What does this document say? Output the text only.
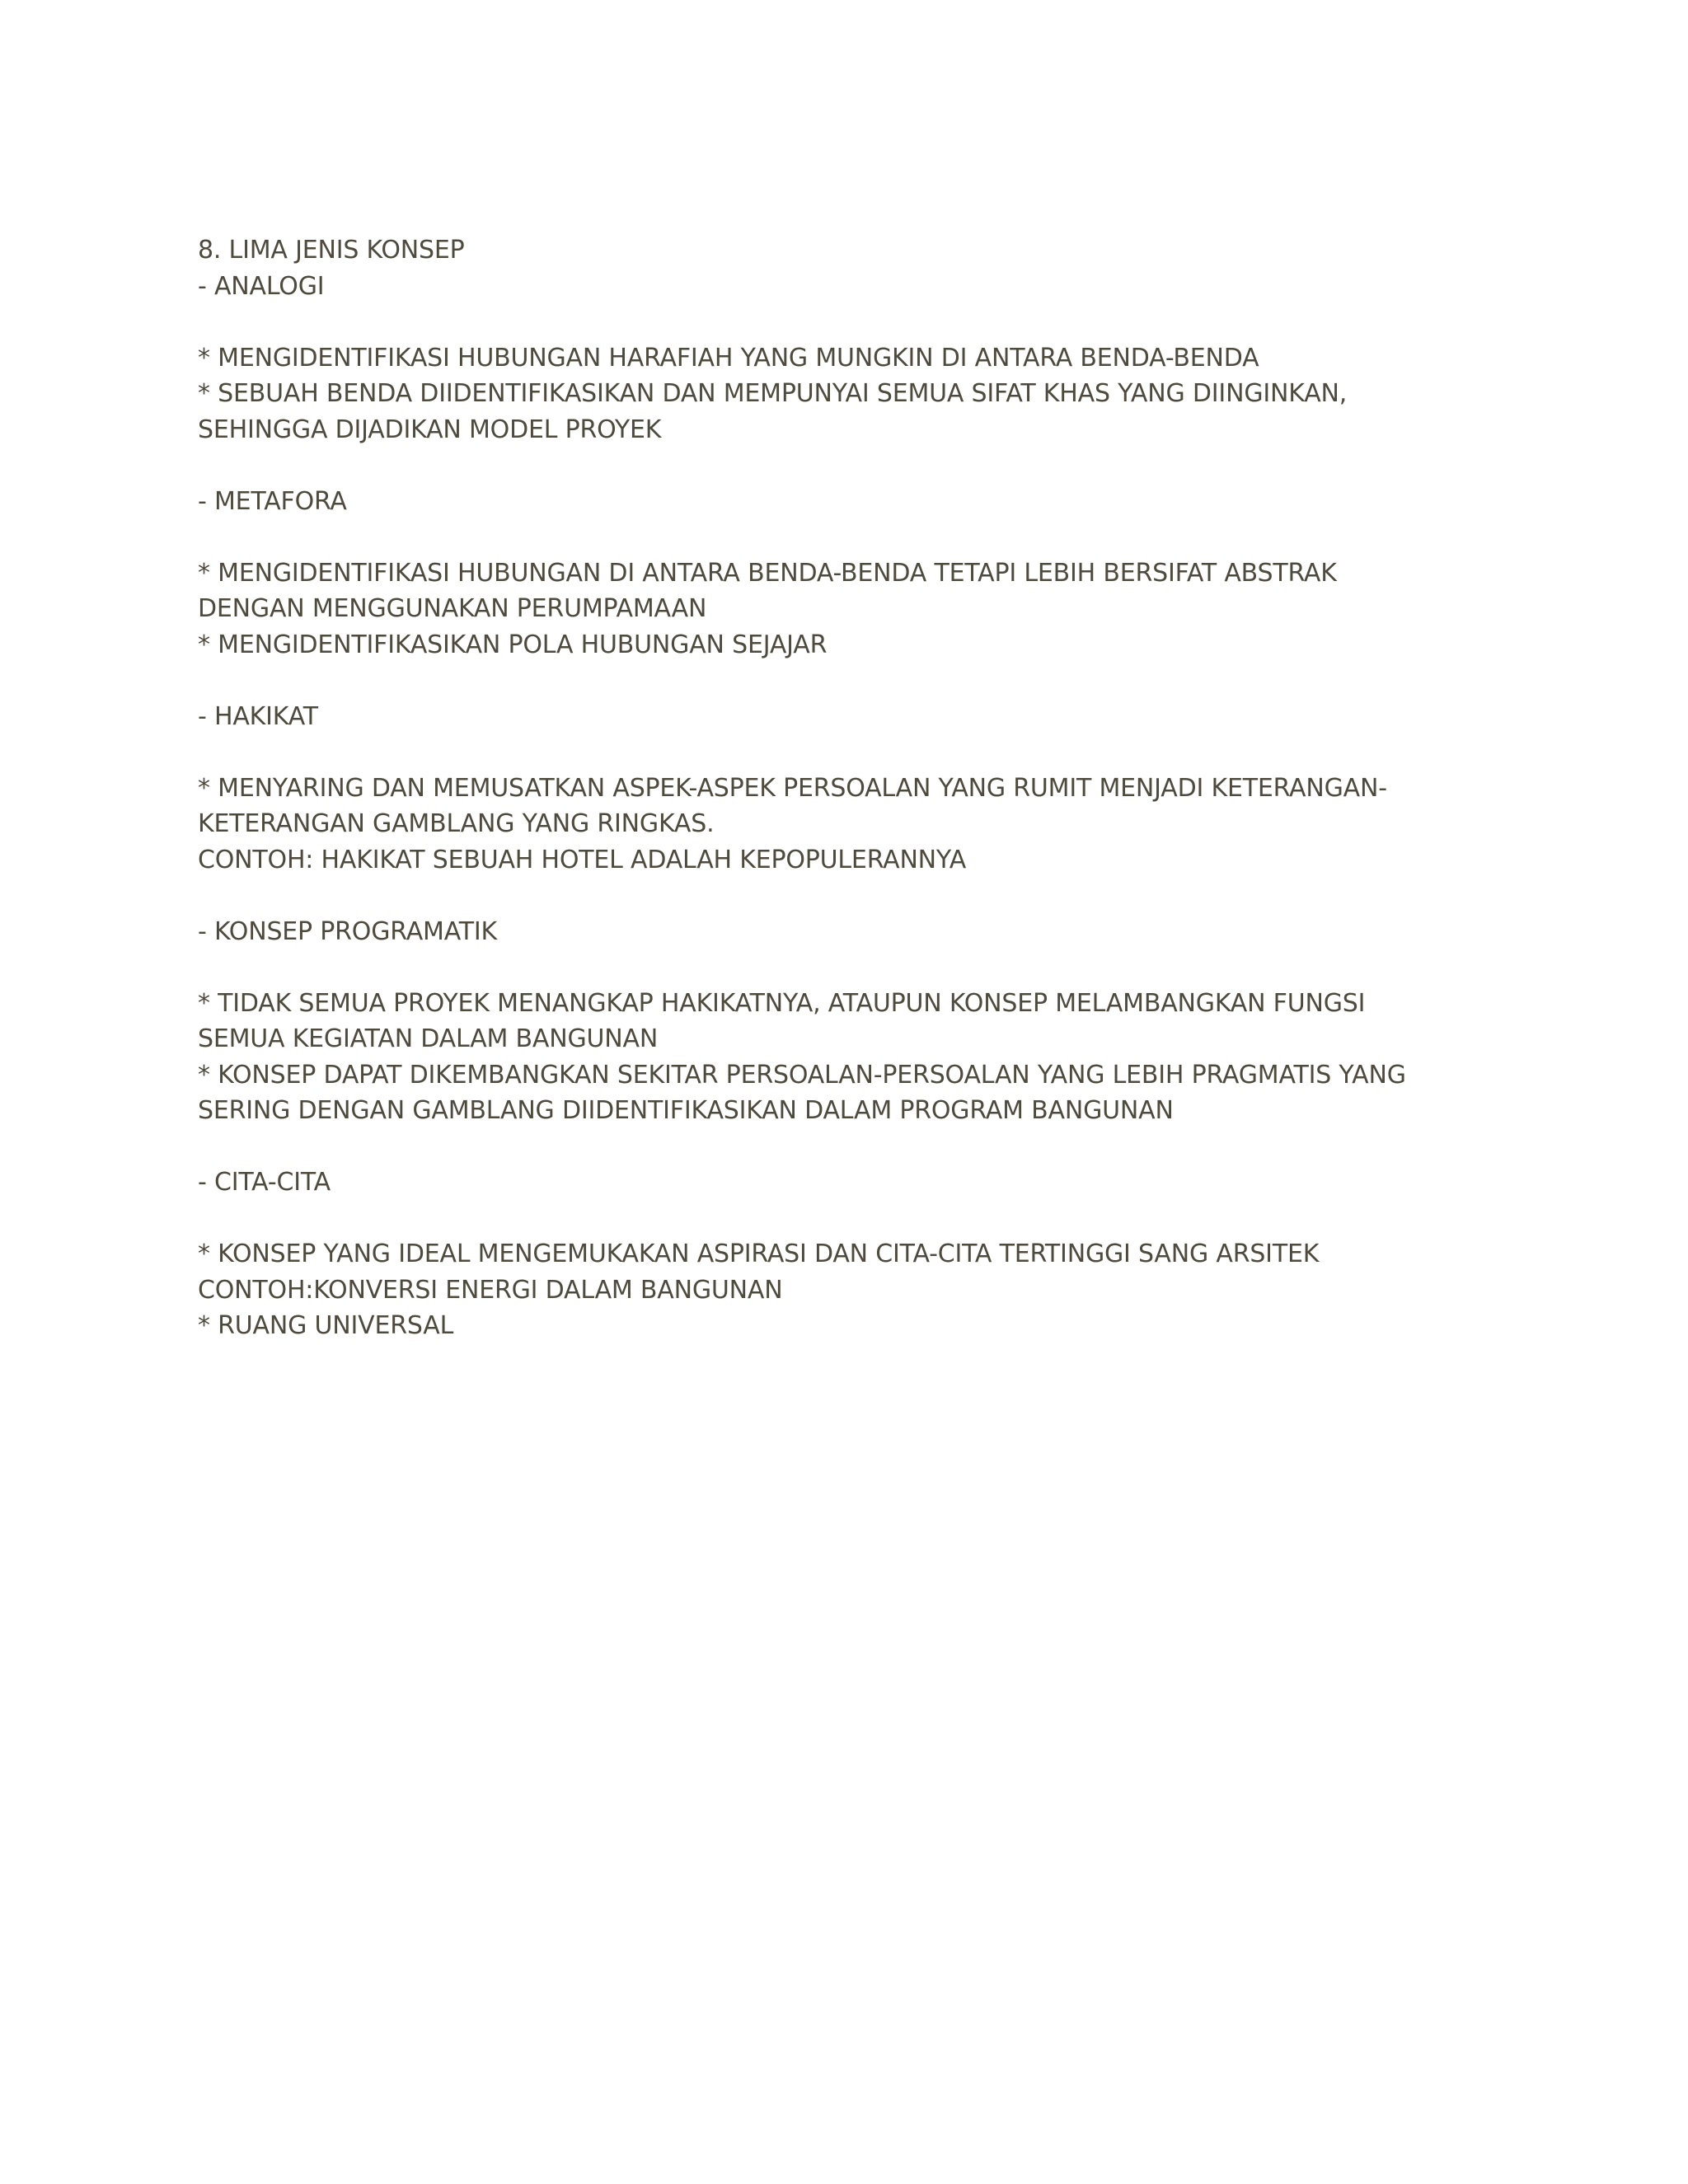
8. LIMA JENIS KONSEP
- ANALOGI
* MENGIDENTIFIKASI HUBUNGAN HARAFIAH YANG MUNGKIN DI ANTARA BENDA-BENDA
* SEBUAH BENDA DIIDENTIFIKASIKAN DAN MEMPUNYAI SEMUA SIFAT KHAS YANG DIINGINKAN,
SEHINGGA DIJADIKAN MODEL PROYEK
- METAFORA
* MENGIDENTIFIKASI HUBUNGAN DI ANTARA BENDA-BENDA TETAPI LEBIH BERSIFAT ABSTRAK
DENGAN MENGGUNAKAN PERUMPAMAAN
* MENGIDENTIFIKASIKAN POLA HUBUNGAN SEJAJAR
- HAKIKAT
* MENYARING DAN MEMUSATKAN ASPEK-ASPEK PERSOALAN YANG RUMIT MENJADI KETERANGAN-
KETERANGAN GAMBLANG YANG RINGKAS.
CONTOH: HAKIKAT SEBUAH HOTEL ADALAH KEPOPULERANNYA
- KONSEP PROGRAMATIK
* TIDAK SEMUA PROYEK MENANGKAP HAKIKATNYA, ATAUPUN KONSEP MELAMBANGKAN FUNGSI
SEMUA KEGIATAN DALAM BANGUNAN
* KONSEP DAPAT DIKEMBANGKAN SEKITAR PERSOALAN-PERSOALAN YANG LEBIH PRAGMATIS YANG
SERING DENGAN GAMBLANG DIIDENTIFIKASIKAN DALAM PROGRAM BANGUNAN
- CITA-CITA
* KONSEP YANG IDEAL MENGEMUKAKAN ASPIRASI DAN CITA-CITA TERTINGGI SANG ARSITEK
CONTOH:KONVERSI ENERGI DALAM BANGUNAN
* RUANG UNIVERSAL
